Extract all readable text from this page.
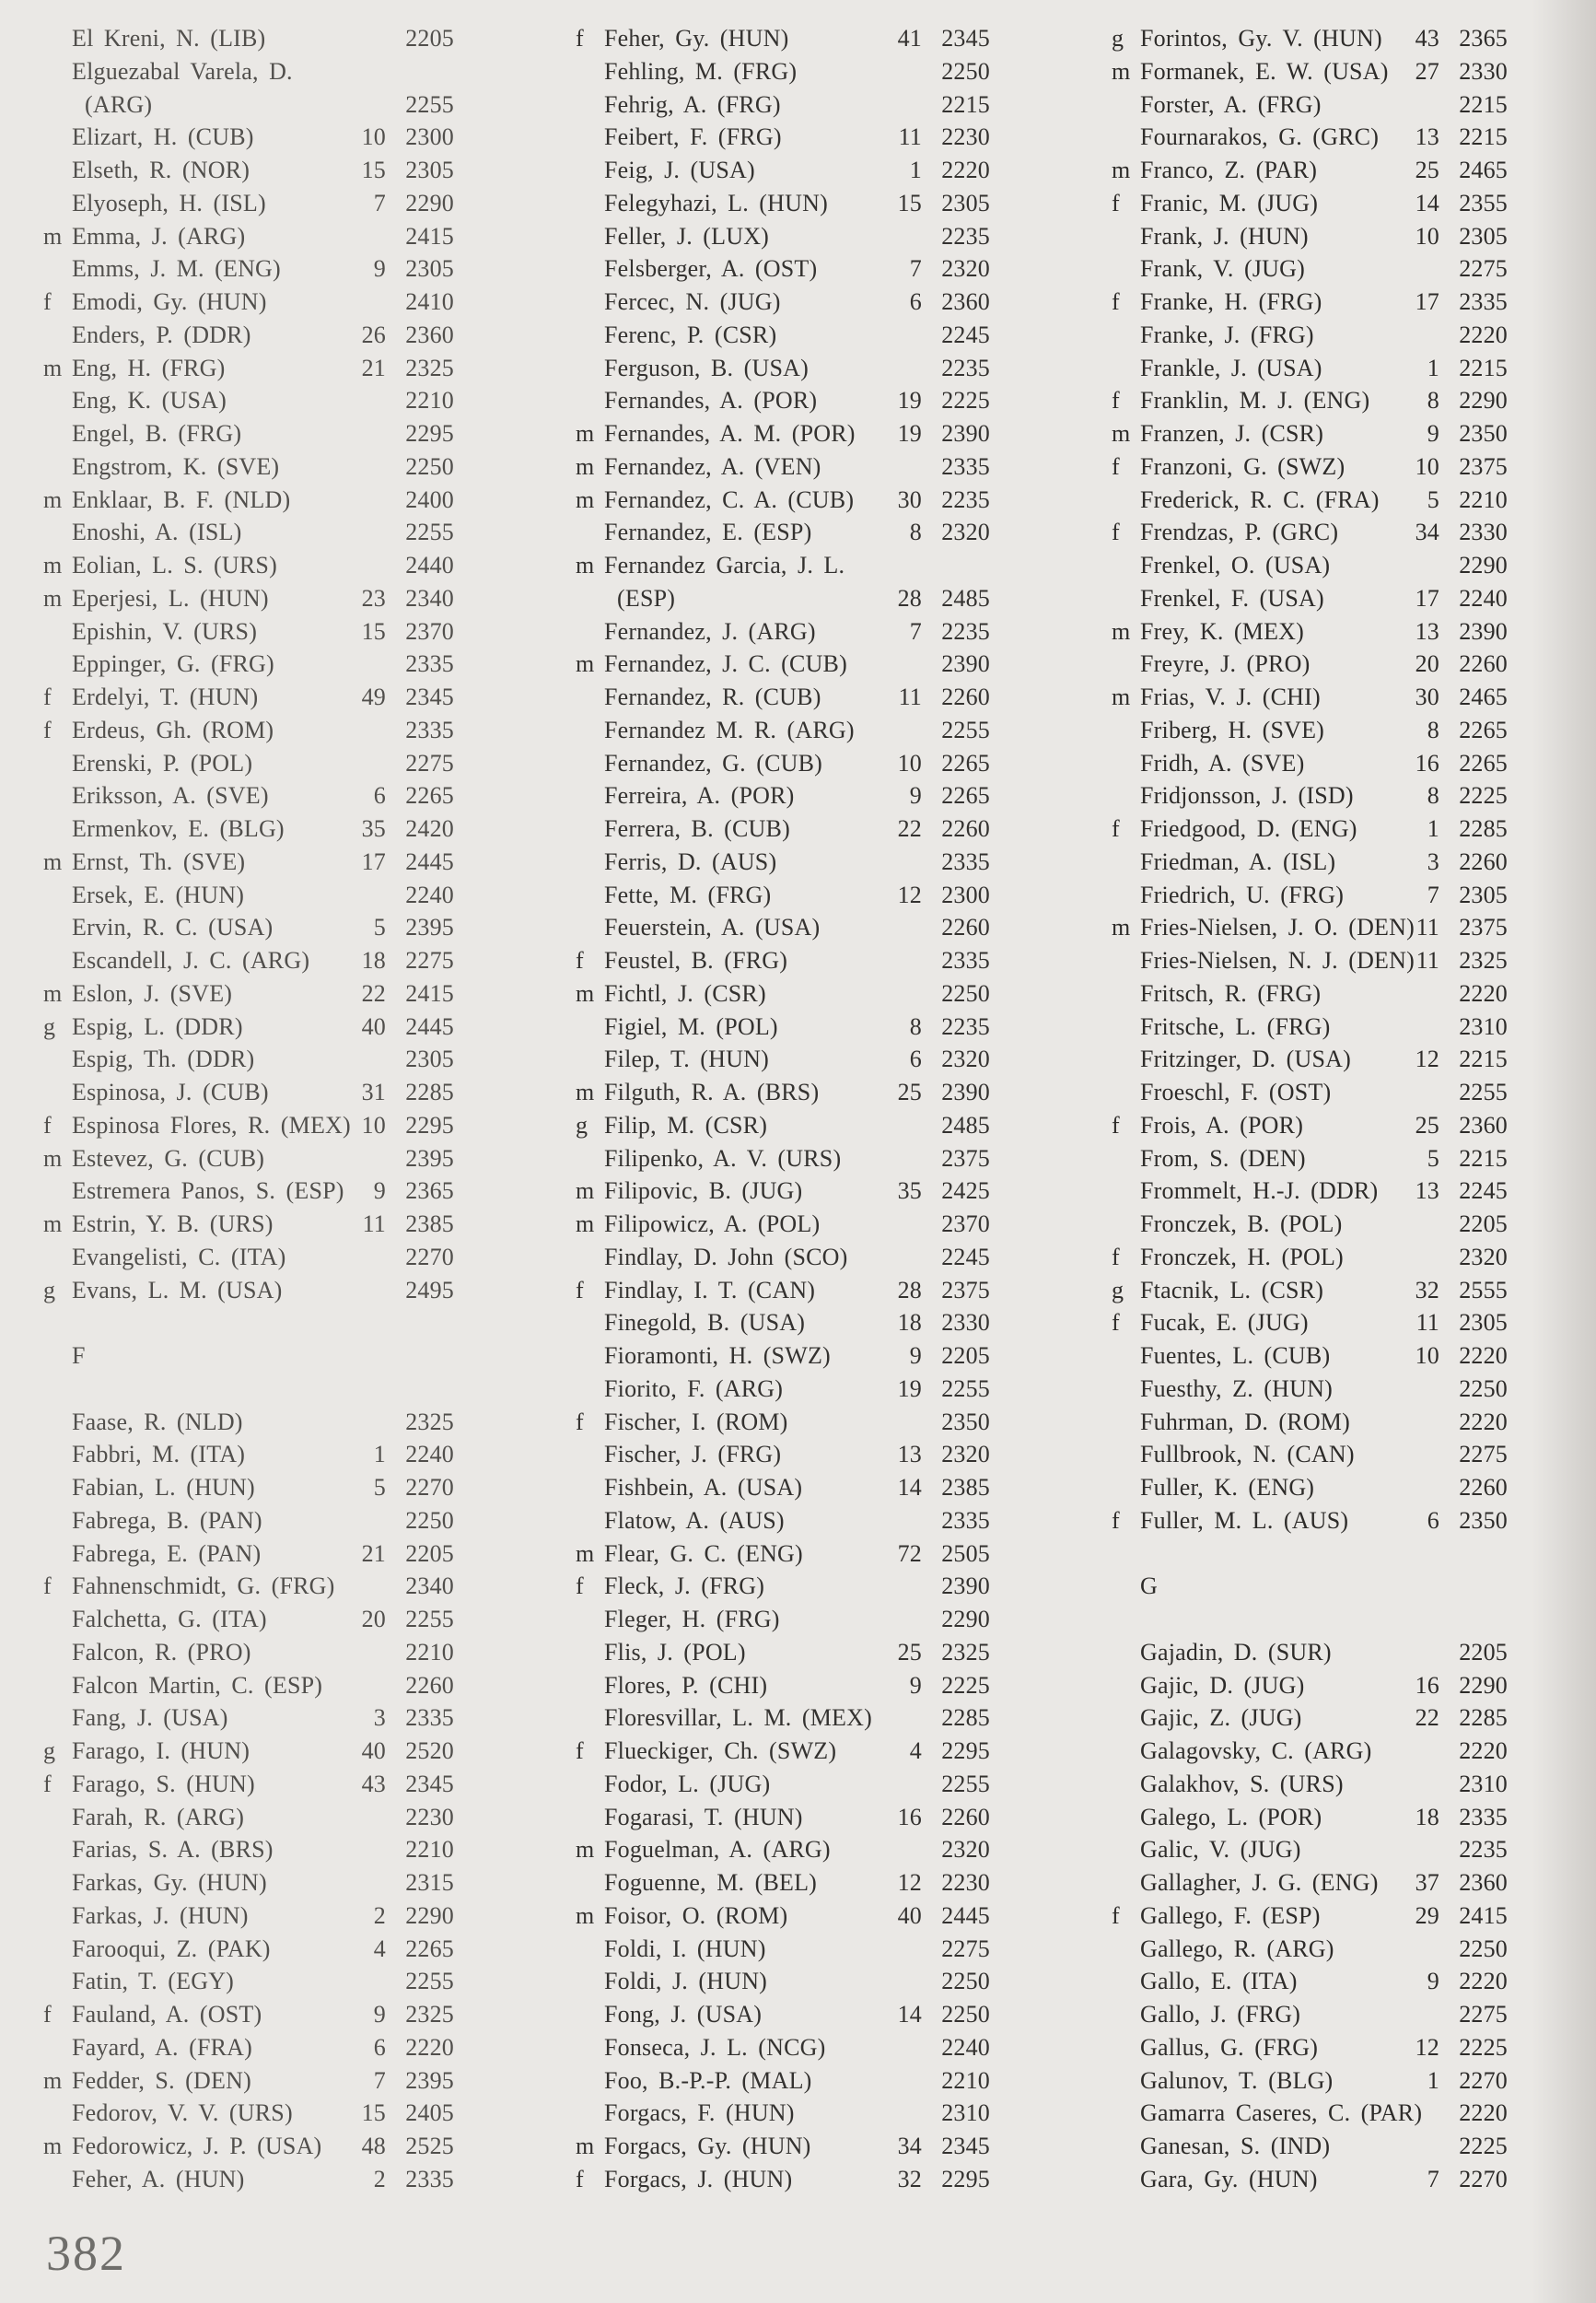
El Kreni, N. (LIB)	2205
Elguezabal Varela, D.
(ARG)	2255
Elizart, H. (CUB)	10 2300
Elseth, R. (NOR)	15 2305
Elyoseph, H. (ISL)	7 2290
m Emma, J. (ARG)	2415
Emms, J. M. (ENG)	9 2305
f Emodi, Gy. (HUN)	2410
Enders, P. (DDR)	26 2360
m Eng, H. (FRG)	21 2325
Eng, K. (USA)	2210
Engel, B. (FRG)	2295
Engstrom, K. (SVE)	2250
m Enklaar, B. F. (NLD)	2400
Enoshi, A. (ISL)	2255
m Eolian, L. S. (URS)	2440
m Eperjesi, L. (HUN)	23 2340
Epishin, V. (URS)	15 2370
Eppinger, G. (FRG)	2335
f Erdelyi, T. (HUN)	49 2345
f Erdeus, Gh. (ROM)	2335
Erenski, P. (POL)	2275
Eriksson, A. (SVE)	6 2265
Ermenkov, E. (BLG)	35 2420
m Ernst, Th. (SVE)	17 2445
Ersek, E. (HUN)	2240
Ervin, R. C. (USA)	5 2395
Escandell, J. C. (ARG) 18 2275
m Eslon, J. (SVE)	22 2415
g Espig, L. (DDR)	40 2445
Espig, Th. (DDR)	2305
Espinosa, J. (CUB)	31 2285
f Espinosa Flores, R. (MEX) 10 2295
m Estevez, G. (CUB)	2395
Estremera Panos, S. (ESP) 9 2365
m Estrin, Y. B. (URS)	11 2385
Evangelisti, C. (ITA)	2270
g Evans, L. M. (USA)	2495
F
Faase, R. (NLD)	2325
Fabbri, M. (ITA)	1 2240
Fabian, L. (HUN)	5 2270
Fabrega, B. (PAN)	2250
Fabrega, E. (PAN)	21 2205
f Fahnenschmidt, G. (FRG)	2340
Falchetta, G. (ITA)	20 2255
Falcon, R. (PRO)	2210
Falcon Martin, C. (ESP)	2260
Fang, J. (USA)	3 2335
g Farago, I. (HUN)	40 2520
f Farago, S. (HUN)	43 2345
Farah, R. (ARG)	2230
Farias, S. A. (BRS)	2210
Farkas, Gy. (HUN)	2315
Farkas, J. (HUN)	2 2290
Farooqui, Z. (PAK)	4 2265
Fatin, T. (EGY)	2255
f Fauland, A. (OST)	9 2325
Fayard, A. (FRA)	6 2220
m Fedder, S. (DEN)	7 2395
Fedorov, V. V. (URS)	15 2405
m Fedorowicz, J. P. (USA) 48 2525
Feher, A. (HUN)	2 2335
f Feher, Gy. (HUN)	41 2345
Fehling, M. (FRG)	2250
Fehrig, A. (FRG)	2215
Feibert, F. (FRG)	11 2230
Feig, J. (USA)	1 2220
Felegyhazi, L. (HUN)	15 2305
Feller, J. (LUX)	2235
Felsberger, A. (OST)	7 2320
Fercec, N. (JUG)	6 2360
Ferenc, P. (CSR)	2245
Ferguson, B. (USA)	2235
Fernandes, A. (POR)	19 2225
m Fernandes, A. M. (POR) 19 2390
m Fernandez, A. (VEN)	2335
m Fernandez, C. A. (CUB) 30 2235
Fernandez, E. (ESP)	8 2320
m Fernandez Garcia, J. L.
(ESP)	28 2485
Fernandez, J. (ARG)	7 2235
m Fernandez, J. C. (CUB)	2390
Fernandez, R. (CUB)	11 2260
Fernandez M. R. (ARG)	2255
Fernandez, G. (CUB)	10 2265
Ferreira, A. (POR)	9 2265
Ferrera, B. (CUB)	22 2260
Ferris, D. (AUS)	2335
Fette, M. (FRG)	12 2300
Feuerstein, A. (USA)	2260
f Feustel, B. (FRG)	2335
m Fichtl, J. (CSR)	2250
Figiel, M. (POL)	8 2235
Filep, T. (HUN)	6 2320
m Filguth, R. A. (BRS)	25 2390
g Filip, M. (CSR)	2485
Filipenko, A. V. (URS)	2375
m Filipovic, B. (JUG)	35 2425
m Filipowicz, A. (POL)	2370
Findlay, D. John (SCO)	2245
f Findlay, I. T. (CAN)	28 2375
Finegold, B. (USA)	18 2330
Fioramonti, H. (SWZ)	9 2205
Fiorito, F. (ARG)	19 2255
f Fischer, I. (ROM)	2350
Fischer, J. (FRG)	13 2320
Fishbein, A. (USA)	14 2385
Flatow, A. (AUS)	2335
m Flear, G. C. (ENG)	72 2505
f Fleck, J. (FRG)	2390
Fleger, H. (FRG)	2290
Flis, J. (POL)	25 2325
Flores, P. (CHI)	9 2225
Floresvillar, L. M. (MEX)	2285
f Flueckiger, Ch. (SWZ)	4 2295
Fodor, L. (JUG)	2255
Fogarasi, T. (HUN)	16 2260
m Foguelman, A. (ARG)	2320
Foguenne, M. (BEL)	12 2230
m Foisor, O. (ROM)	40 2445
Foldi, I. (HUN)	2275
Foldi, J. (HUN)	2250
Fong, J. (USA)	14 2250
Fonseca, J. L. (NCG)	2240
Foo, B.-P.-P. (MAL)	2210
Forgacs, F. (HUN)	2310
m Forgacs, Gy. (HUN)	34 2345
f Forgacs, J. (HUN)	32 2295
g Forintos, Gy. V. (HUN) 43 2365
m Formanek, E. W. (USA) 27 2330
Forster, A. (FRG)	2215
Fournarakos, G. (GRC) 13 2215
m Franco, Z. (PAR)	25 2465
f Franic, M. (JUG)	14 2355
Frank, J. (HUN)	10 2305
Frank, V. (JUG)	2275
f Franke, H. (FRG)	17 2335
Franke, J. (FRG)	2220
Frankle, J. (USA)	1 2215
f Franklin, M. J. (ENG) 8 2290
m Franzen, J. (CSR)	9 2350
f Franzoni, G. (SWZ)	10 2375
Frederick, R. C. (FRA) 5 2210
f Frendzas, P. (GRC)	34 2330
Frenkel, O. (USA)	2290
Frenkel, F. (USA)	17 2240
m Frey, K. (MEX)	13 2390
Freyre, J. (PRO)	20 2260
m Frias, V. J. (CHI)	30 2465
Friberg, H. (SVE)	8 2265
Fridh, A. (SVE)	16 2265
Fridjonsson, J. (ISD)	8 2225
f Friedgood, D. (ENG)	1 2285
Friedman, A. (ISL)	3 2260
Friedrich, U. (FRG)	7 2305
m Fries-Nielsen, J. O. (DEN) 11 2375
Fries-Nielsen, N. J. (DEN) 11 2325
Fritsch, R. (FRG)	2220
Fritsche, L. (FRG)	2310
Fritzinger, D. (USA)	12 2215
Froeschl, F. (OST)	2255
f Frois, A. (POR)	25 2360
From, S. (DEN)	5 2215
Frommelt, H.-J. (DDR) 13 2245
Fronczek, B. (POL)	2205
f Fronczek, H. (POL)	2320
g Ftacnik, L. (CSR)	32 2555
f Fucak, E. (JUG)	11 2305
Fuentes, L. (CUB)	10 2220
Fuesthy, Z. (HUN)	2250
Fuhrman, D. (ROM)	2220
Fullbrook, N. (CAN)	2275
Fuller, K. (ENG)	2260
f Fuller, M. L. (AUS)	6 2350
G
Gajadin, D. (SUR)	2205
Gajic, D. (JUG)	16 2290
Gajic, Z. (JUG)	22 2285
Galagovsky, C. (ARG)	2220
Galakhov, S. (URS)	2310
Galego, L. (POR)	18 2335
Galic, V. (JUG)	2235
Gallagher, J. G. (ENG) 37 2360
f Gallego, F. (ESP)	29 2415
Gallego, R. (ARG)	2250
Gallo, E. (ITA)	9 2220
Gallo, J. (FRG)	2275
Gallus, G. (FRG)	12 2225
Galunov, T. (BLG)	1 2270
Gamarra Caseres, C. (PAR) 2220
Ganesan, S. (IND)	2225
Gara, Gy. (HUN)	7 2270
382
